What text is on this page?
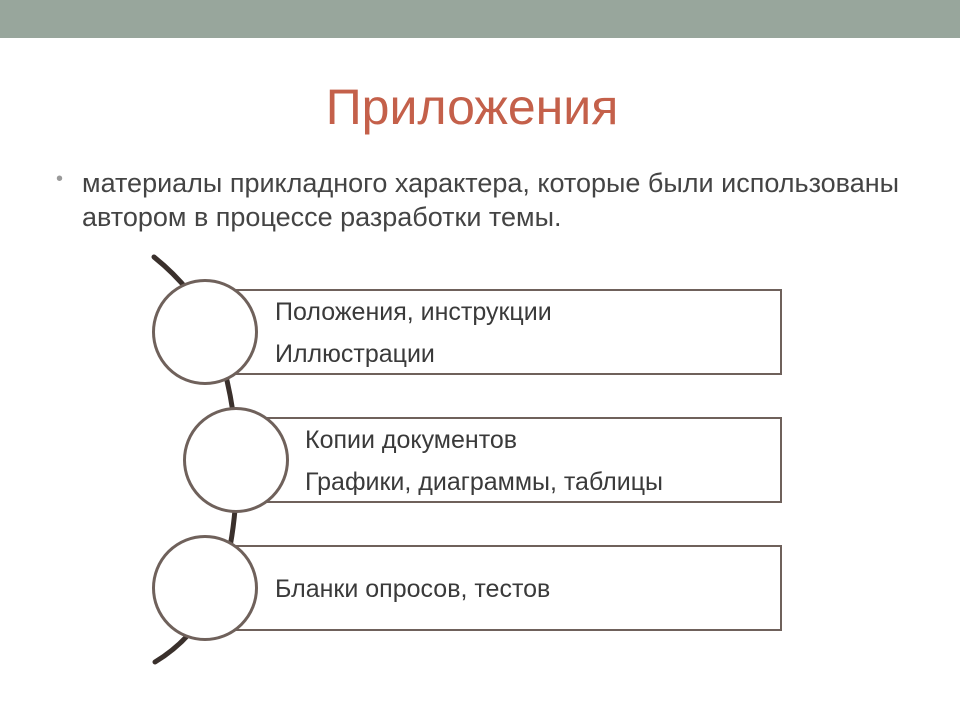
Приложения
• материалы прикладного характера, которые были использованы автором в процессе разработки темы.

Положения, инструкции

Иллюстрации

Копии документов

Графики, диаграммы, таблицы

Бланки опросов, тестов
